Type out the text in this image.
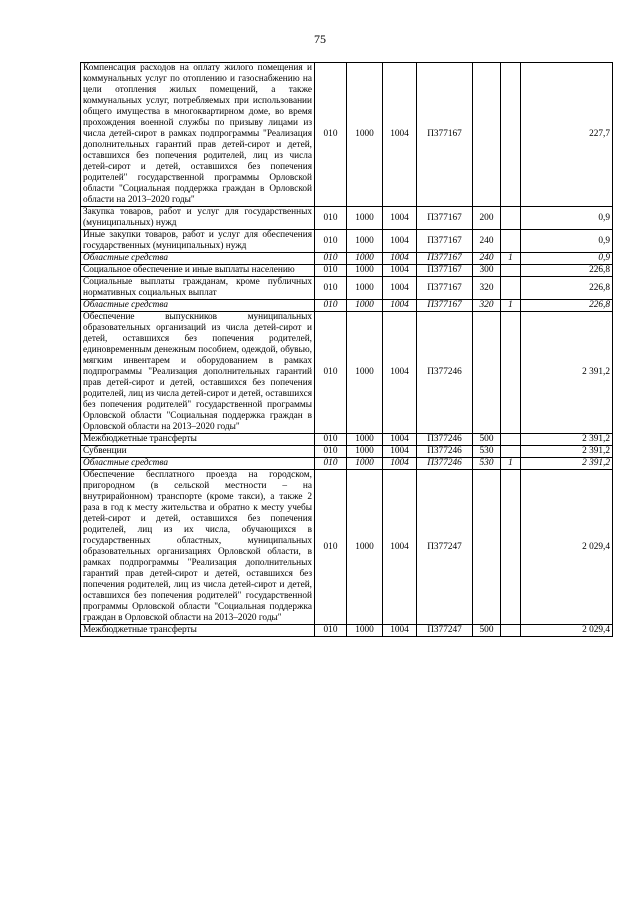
75
Компенсация расходов на оплату жилого помещения и коммунальных услуг по отоплению и газоснабжению на цели отопления жилых помещений, а также коммунальных услуг, потребляемых при использовании общего имущества в многоквартирном доме, во время прохождения военной службы по призыву лицами из числа детей-сирот в рамках подпрограммы "Реализация дополнительных гарантий прав детей-сирот и детей, оставшихся без попечения родителей, лиц из числа детей-сирот и детей, оставшихся без попечения родителей" государственной программы Орловской области "Социальная поддержка граждан в Орловской области на 2013–2020 годы"	010	1000	1004	П377167			227,7
Закупка товаров, работ и услуг для государственных (муниципальных) нужд	010	1000	1004	П377167	200		0,9
Иные закупки товаров, работ и услуг для обеспечения государственных (муниципальных) нужд	010	1000	1004	П377167	240		0,9
Областные средства	010	1000	1004	П377167	240	1	0,9
Социальное обеспечение и иные выплаты населению	010	1000	1004	П377167	300		226,8
Социальные выплаты гражданам, кроме публичных нормативных социальных выплат	010	1000	1004	П377167	320		226,8
Областные средства	010	1000	1004	П377167	320	1	226,8
Обеспечение выпускников муниципальных образовательных организаций из числа детей-сирот и детей, оставшихся без попечения родителей, единовременным денежным пособием, одеждой, обувью, мягким инвентарем и оборудованием в рамках подпрограммы "Реализация дополнительных гарантий прав детей-сирот и детей, оставшихся без попечения родителей, лиц из числа детей-сирот и детей, оставшихся без попечения родителей" государственной программы Орловской области "Социальная поддержка граждан в Орловской области на 2013–2020 годы"	010	1000	1004	П377246			2 391,2
Межбюджетные трансферты	010	1000	1004	П377246	500		2 391,2
Субвенции	010	1000	1004	П377246	530		2 391,2
Областные средства	010	1000	1004	П377246	530	1	2 391,2
Обеспечение бесплатного проезда на городском, пригородном (в сельской местности – на внутрирайонном) транспорте (кроме такси), а также 2 раза в год к месту жительства и обратно к месту учебы детей-сирот и детей, оставшихся без попечения родителей, лиц из их числа, обучающихся в государственных областных, муниципальных образовательных организациях Орловской области, в рамках подпрограммы "Реализация дополнительных гарантий прав детей-сирот и детей, оставшихся без попечения родителей, лиц из числа детей-сирот и детей, оставшихся без попечения родителей" государственной программы Орловской области "Социальная поддержка граждан в Орловской области на 2013–2020 годы"	010	1000	1004	П377247			2 029,4
Межбюджетные трансферты	010	1000	1004	П377247	500		2 029,4
